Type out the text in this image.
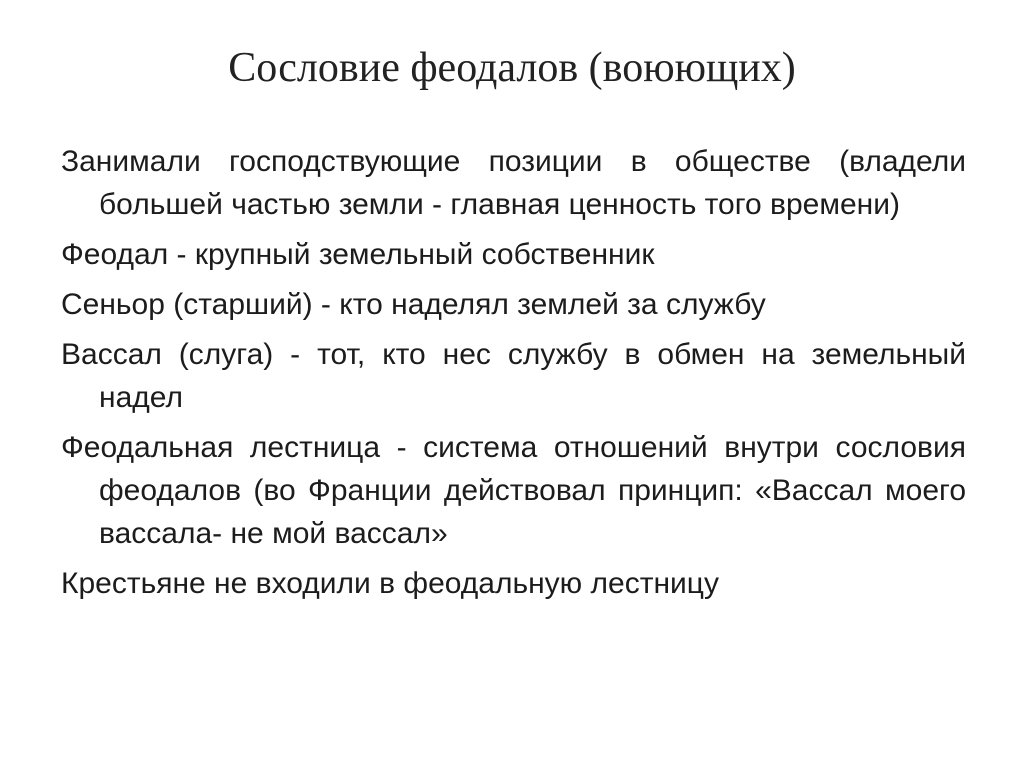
Сословие феодалов (воюющих)
Занимали господствующие позиции в обществе (владели большей частью земли - главная ценность того времени)
Феодал - крупный земельный собственник
Сеньор (старший) - кто наделял землей за службу
Вассал (слуга) - тот, кто нес службу в обмен на земельный надел
Феодальная лестница - система отношений внутри сословия феодалов (во Франции действовал принцип: «Вассал моего вассала- не мой вассал»
Крестьяне не входили в феодальную лестницу
